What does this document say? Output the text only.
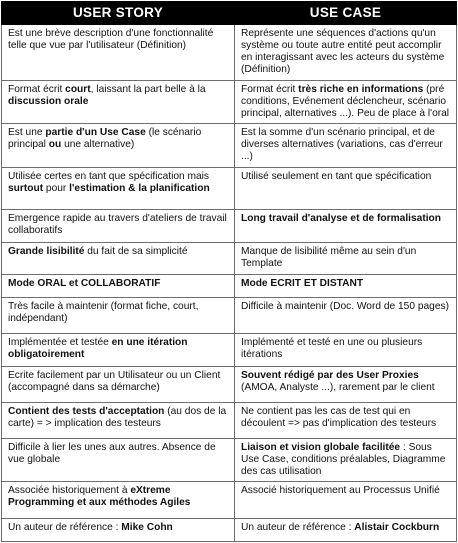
USER STORY	USE CASE
Est une brève description d'une fonctionnalité telle que vue par l'utilisateur (Définition)	Représente une séquences d'actions qu'un système ou toute autre entité peut accomplir en interagissant avec les acteurs du système (Définition)
Format écrit court, laissant la part belle à la discussion orale	Format écrit très riche en informations (pré conditions, Evénement déclencheur, scénario principal, alternatives ...). Peu de place à l'oral
Est une partie d'un Use Case (le scénario principal ou une alternative)	Est la somme d'un scénario principal, et de diverses alternatives (variations, cas d'erreur ...)
Utilisée certes en tant que spécification mais surtout pour l'estimation & la planification	Utilisé seulement en tant que spécification
Emergence rapide au travers d'ateliers de travail collaboratifs	Long travail d'analyse et de formalisation
Grande lisibilité du fait de sa simplicité	Manque de lisibilité même au sein d'un Template
Mode ORAL et COLLABORATIF	Mode ECRIT ET DISTANT
Très facile à maintenir (format fiche, court, indépendant)	Difficile à maintenir (Doc. Word de 150 pages)
Implémentée et testée en une itération obligatoirement	Implémenté et testé en une ou plusieurs itérations
Ecrite facilement par un Utilisateur ou un Client (accompagné dans sa démarche)	Souvent rédigé par des User Proxies (AMOA, Analyste ...), rarement par le client
Contient des tests d'acceptation (au dos de la carte) = > implication des testeurs	Ne contient pas les cas de test qui en découlent => pas d'implication des testeurs
Difficile à lier les unes aux autres. Absence de vue globale	Liaison et vision globale facilitée : Sous Use Case, conditions préalables, Diagramme des cas utilisation
Associée historiquement à eXtreme Programming et aux méthodes Agiles	Associé historiquement au Processus Unifié
Un auteur de référence : Mike Cohn	Un auteur de référence : Alistair Cockburn
